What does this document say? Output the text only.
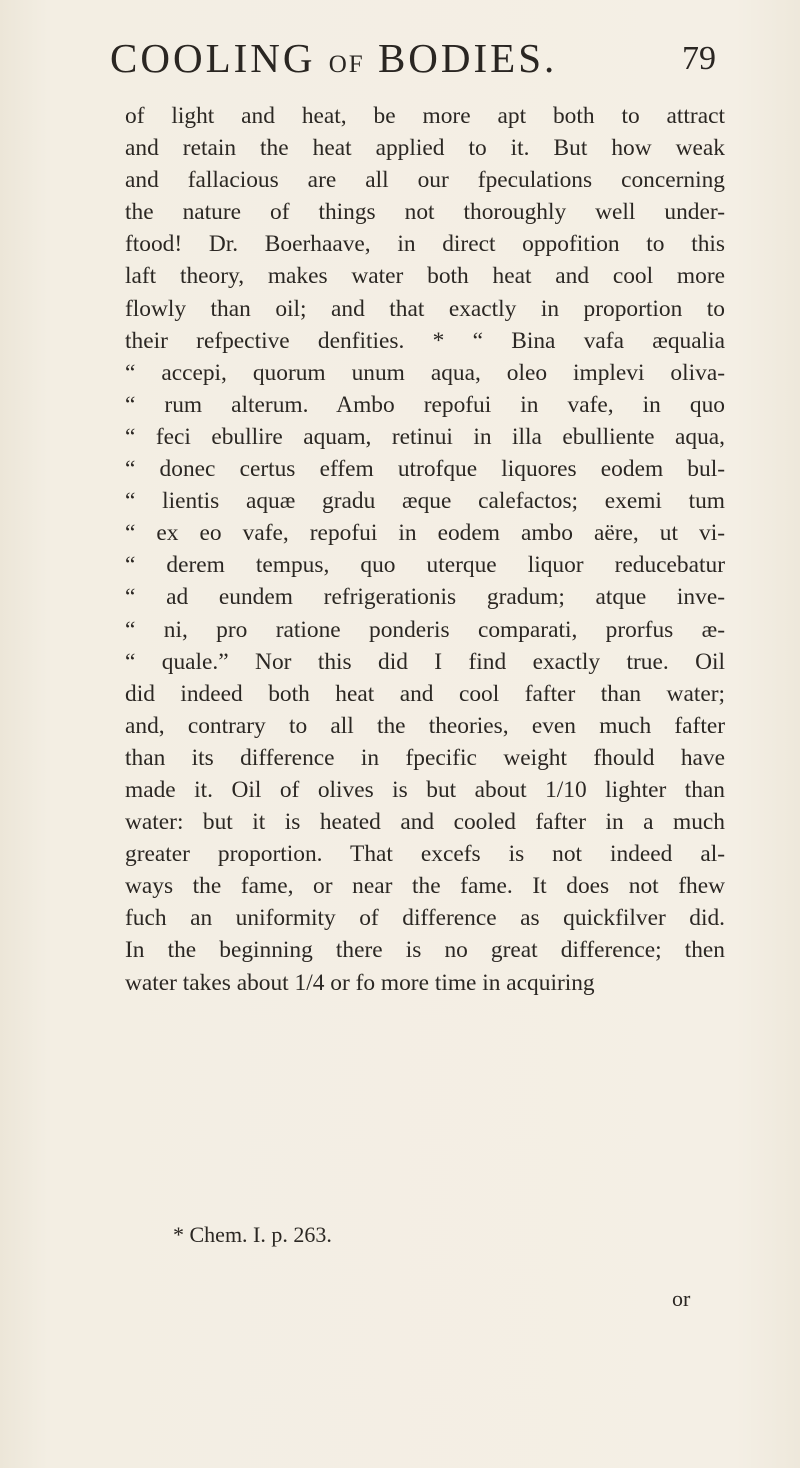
COOLING OF BODIES.	79
of light and heat, be more apt both to attract
and retain the heat applied to it. But how weak
and fallacious are all our fpeculations concerning
the nature of things not thoroughly well under-
ftood! Dr. Boerhaave, in direct oppofition to this
laft theory, makes water both heat and cool more
flowly than oil; and that exactly in proportion to
their refpective denfities. * “ Bina vafa æqualia
“ accepi, quorum unum aqua, oleo implevi oliva-
“ rum alterum. Ambo repofui in vafe, in quo
“ feci ebullire aquam, retinui in illa ebulliente aqua,
“ donec certus effem utrofque liquores eodem bul-
“ lientis aquæ gradu æque calefactos; exemi tum
“ ex eo vafe, repofui in eodem ambo aëre, ut vi-
“ derem tempus, quo uterque liquor reducebatur
“ ad eundem refrigerationis gradum; atque inve-
“ ni, pro ratione ponderis comparati, prorfus æ-
“ quale.” Nor this did I find exactly true. Oil
did indeed both heat and cool fafter than water;
and, contrary to all the theories, even much fafter
than its difference in fpecific weight fhould have
made it. Oil of olives is but about 1/10 lighter than
water: but it is heated and cooled fafter in a much
greater proportion. That excefs is not indeed al-
ways the fame, or near the fame. It does not fhew
fuch an uniformity of difference as quickfilver did.
In the beginning there is no great difference; then
water takes about 1/4 or fo more time in acquiring
* Chem. I. p. 263.
or
